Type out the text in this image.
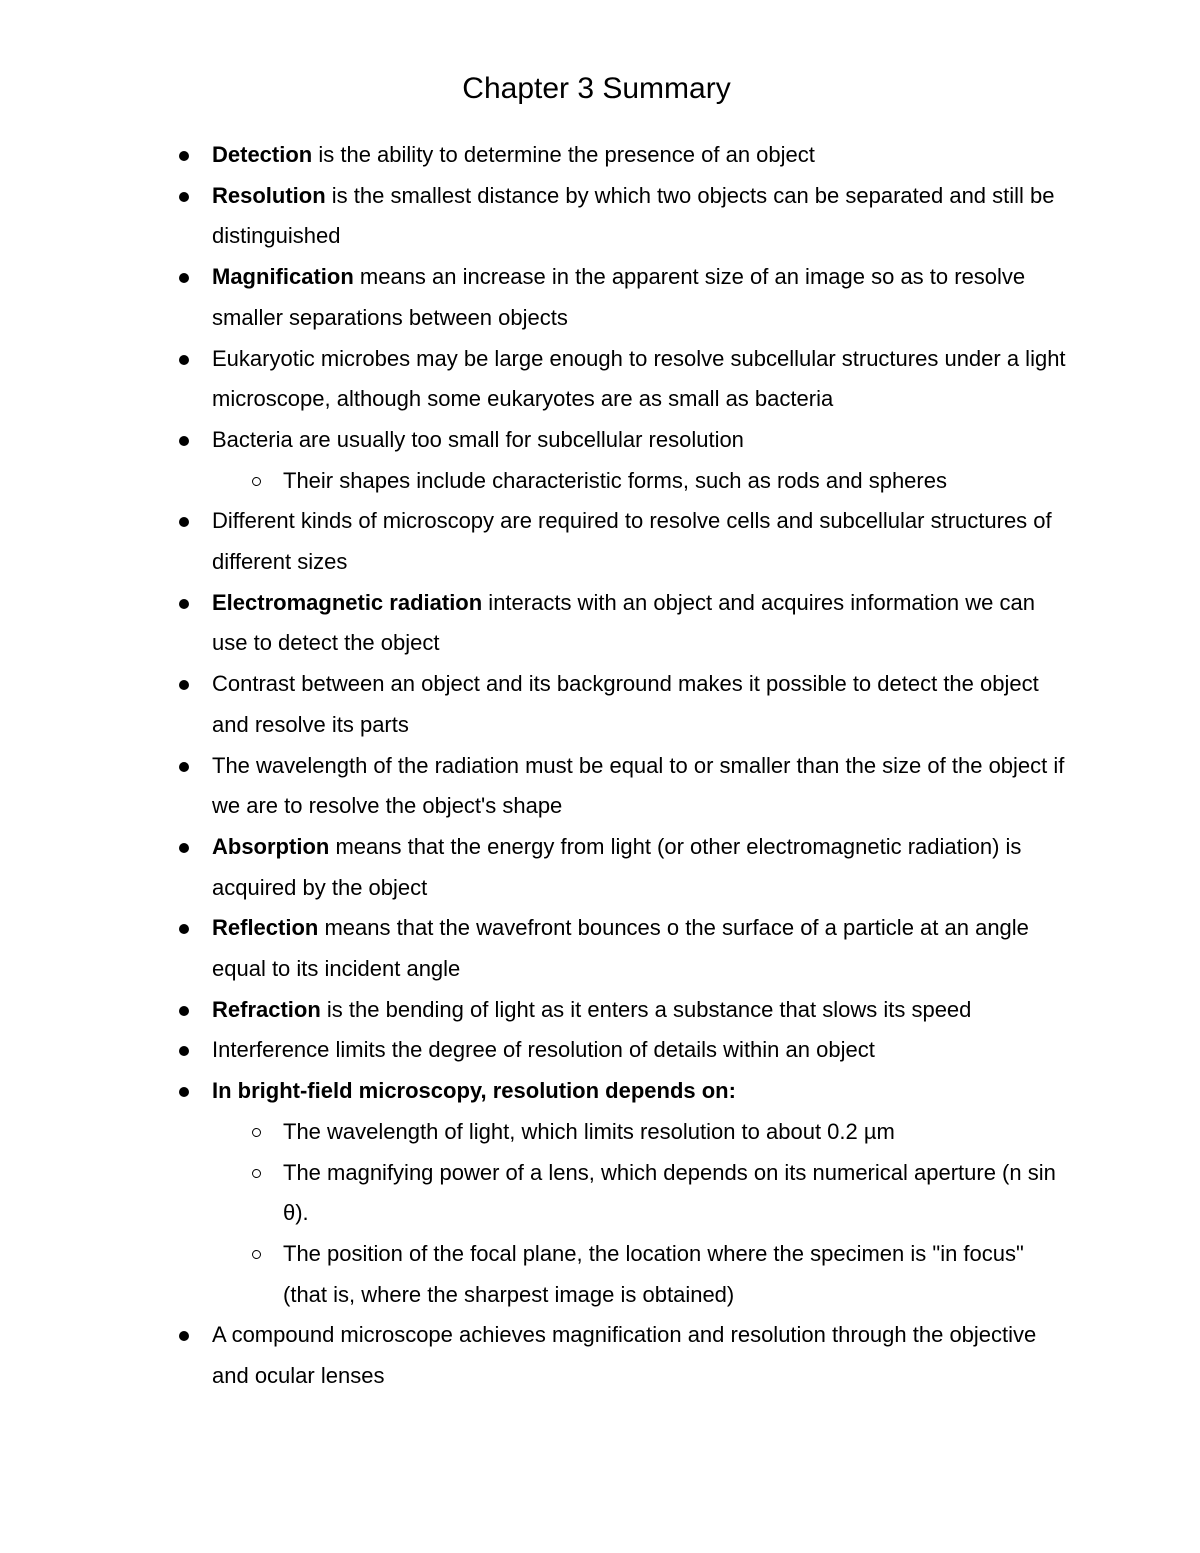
Chapter 3 Summary
Detection is the ability to determine the presence of an object
Resolution is the smallest distance by which two objects can be separated and still be distinguished
Magnification means an increase in the apparent size of an image so as to resolve smaller separations between objects
Eukaryotic microbes may be large enough to resolve subcellular structures under a light microscope, although some eukaryotes are as small as bacteria
Bacteria are usually too small for subcellular resolution
Their shapes include characteristic forms, such as rods and spheres
Different kinds of microscopy are required to resolve cells and subcellular structures of different sizes
Electromagnetic radiation interacts with an object and acquires information we can use to detect the object
Contrast between an object and its background makes it possible to detect the object and resolve its parts
The wavelength of the radiation must be equal to or smaller than the size of the object if we are to resolve the object's shape
Absorption means that the energy from light (or other electromagnetic radiation) is acquired by the object
Reflection means that the wavefront bounces o the surface of a particle at an angle equal to its incident angle
Refraction is the bending of light as it enters a substance that slows its speed
Interference limits the degree of resolution of details within an object
In bright-field microscopy, resolution depends on:
The wavelength of light, which limits resolution to about 0.2 µm
The magnifying power of a lens, which depends on its numerical aperture (n sin θ).
The position of the focal plane, the location where the specimen is "in focus" (that is, where the sharpest image is obtained)
A compound microscope achieves magnification and resolution through the objective and ocular lenses
